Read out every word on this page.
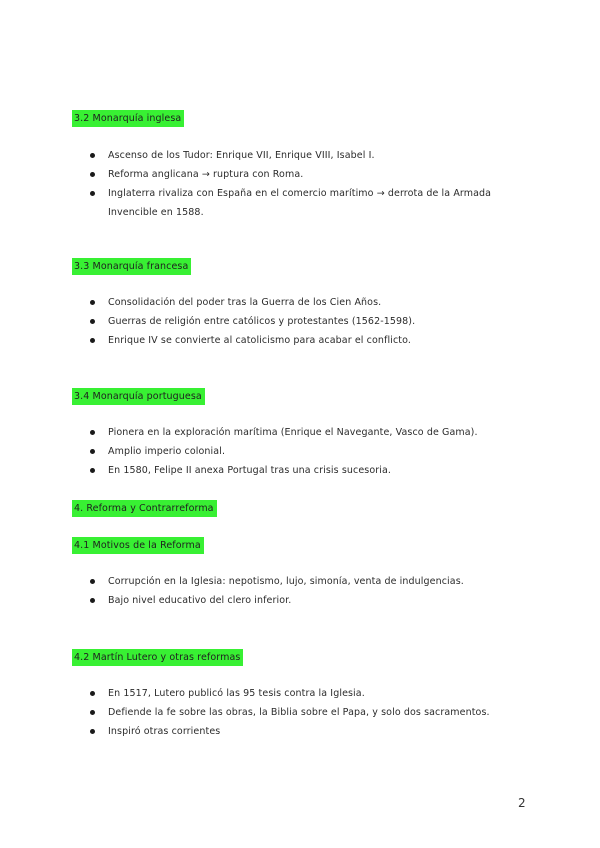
3.2 Monarquía inglesa
Ascenso de los Tudor: Enrique VII, Enrique VIII, Isabel I.
Reforma anglicana → ruptura con Roma.
Inglaterra rivaliza con España en el comercio marítimo → derrota de la Armada Invencible en 1588.
3.3 Monarquía francesa
Consolidación del poder tras la Guerra de los Cien Años.
Guerras de religión entre católicos y protestantes (1562-1598).
Enrique IV se convierte al catolicismo para acabar el conflicto.
3.4 Monarquía portuguesa
Pionera en la exploración marítima (Enrique el Navegante, Vasco de Gama).
Amplio imperio colonial.
En 1580, Felipe II anexa Portugal tras una crisis sucesoria.
4. Reforma y Contrarreforma
4.1 Motivos de la Reforma
Corrupción en la Iglesia: nepotismo, lujo, simonía, venta de indulgencias.
Bajo nivel educativo del clero inferior.
4.2 Martín Lutero y otras reformas
En 1517, Lutero publicó las 95 tesis contra la Iglesia.
Defiende la fe sobre las obras, la Biblia sobre el Papa, y solo dos sacramentos.
Inspiró otras corrientes
2
